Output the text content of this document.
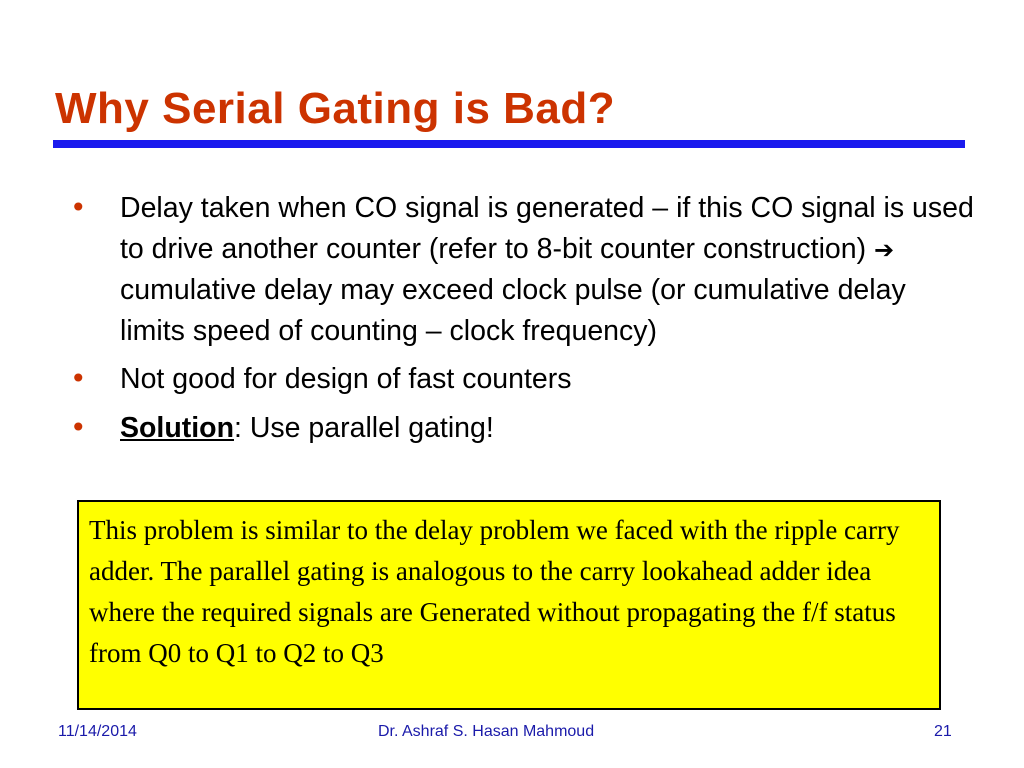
Why Serial Gating is Bad?
• Delay taken when CO signal is generated – if this CO signal is used to drive another counter (refer to 8-bit counter construction) ➔ cumulative delay may exceed clock pulse (or cumulative delay limits speed of counting – clock frequency)
• Not good for design of fast counters
• Solution: Use parallel gating!
This problem is similar to the delay problem we faced with the ripple carry adder. The parallel gating is analogous to the carry lookahead adder idea where the required signals are Generated without propagating the f/f status from Q0 to Q1 to Q2 to Q3
11/14/2014	Dr. Ashraf S. Hasan Mahmoud	21
